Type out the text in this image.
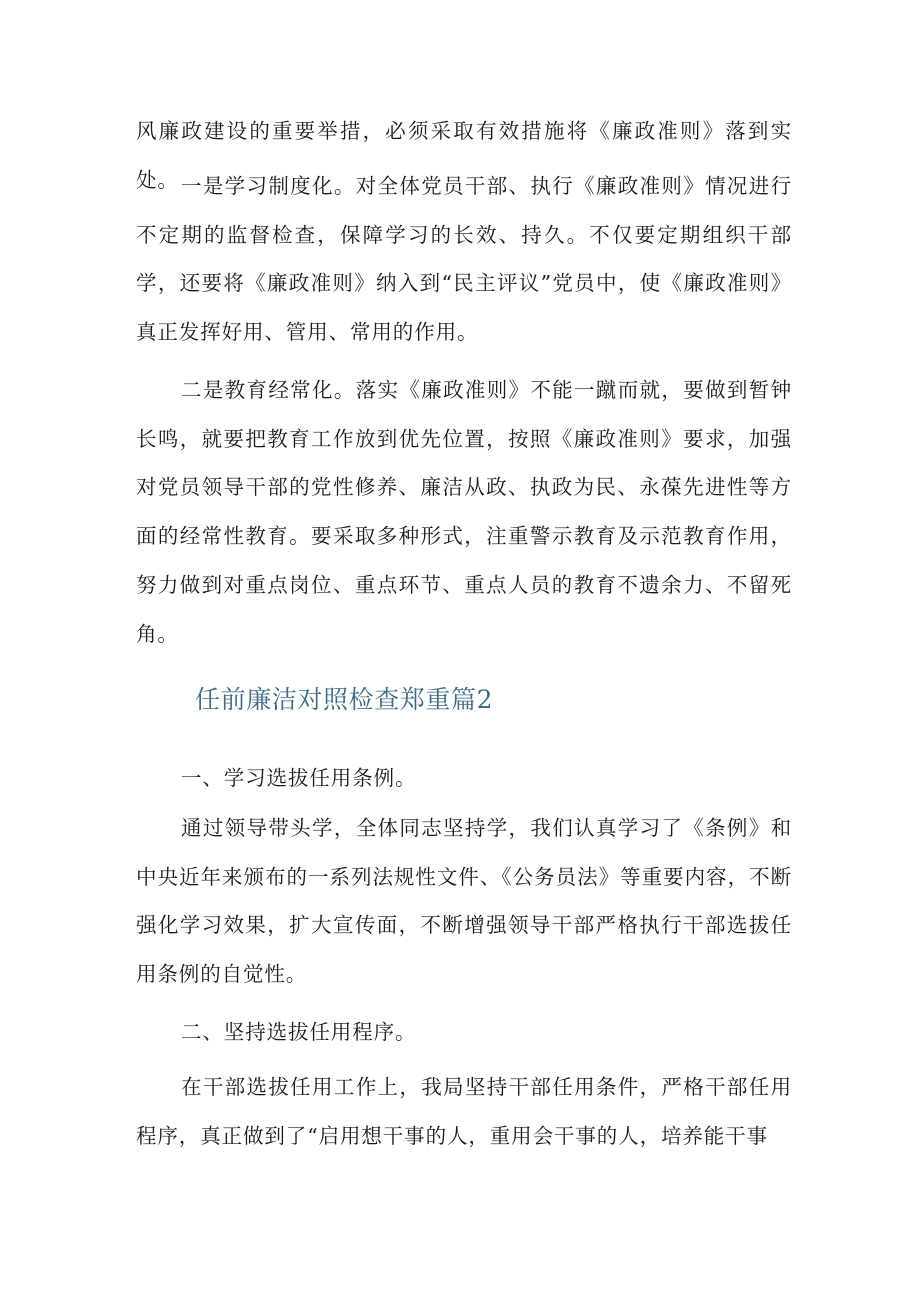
风廉政建设的重要举措，必须采取有效措施将《廉政准则》落到实处。 一是学习制度化。对全体党员干部、执行《廉政准则》情况进行不定期的监督检查，保障学习的长效、持久。不仅要定期组织干部学，还要将《廉政准则》纳入到“民主评议”党员中，使《廉政准则》真正发挥好用、管用、常用的作用。

二是教育经常化。落实《廉政准则》不能一蹴而就，要做到暂钟长鸣，就要把教育工作放到优先位置，按照《廉政准则》要求，加强对党员领导干部的党性修养、廉洁从政、执政为民、永葆先进性等方面的经常性教育。要采取多种形式，注重警示教育及示范教育作用，努力做到对重点岗位、重点环节、重点人员的教育不遗余力、不留死角。

任前廉洁对照检查郑重篇2

一、学习选拔任用条例。

通过领导带头学，全体同志坚持学，我们认真学习了《条例》和中央近年来颁布的一系列法规性文件、《公务员法》等重要内容，不断强化学习效果，扩大宣传面，不断增强领导干部严格执行干部选拔任用条例的自觉性。

二、坚持选拔任用程序。

在干部选拔任用工作上，我局坚持干部任用条件，严格干部任用程序，真正做到了“启用想干事的人，重用会干事的人，培养能干事
